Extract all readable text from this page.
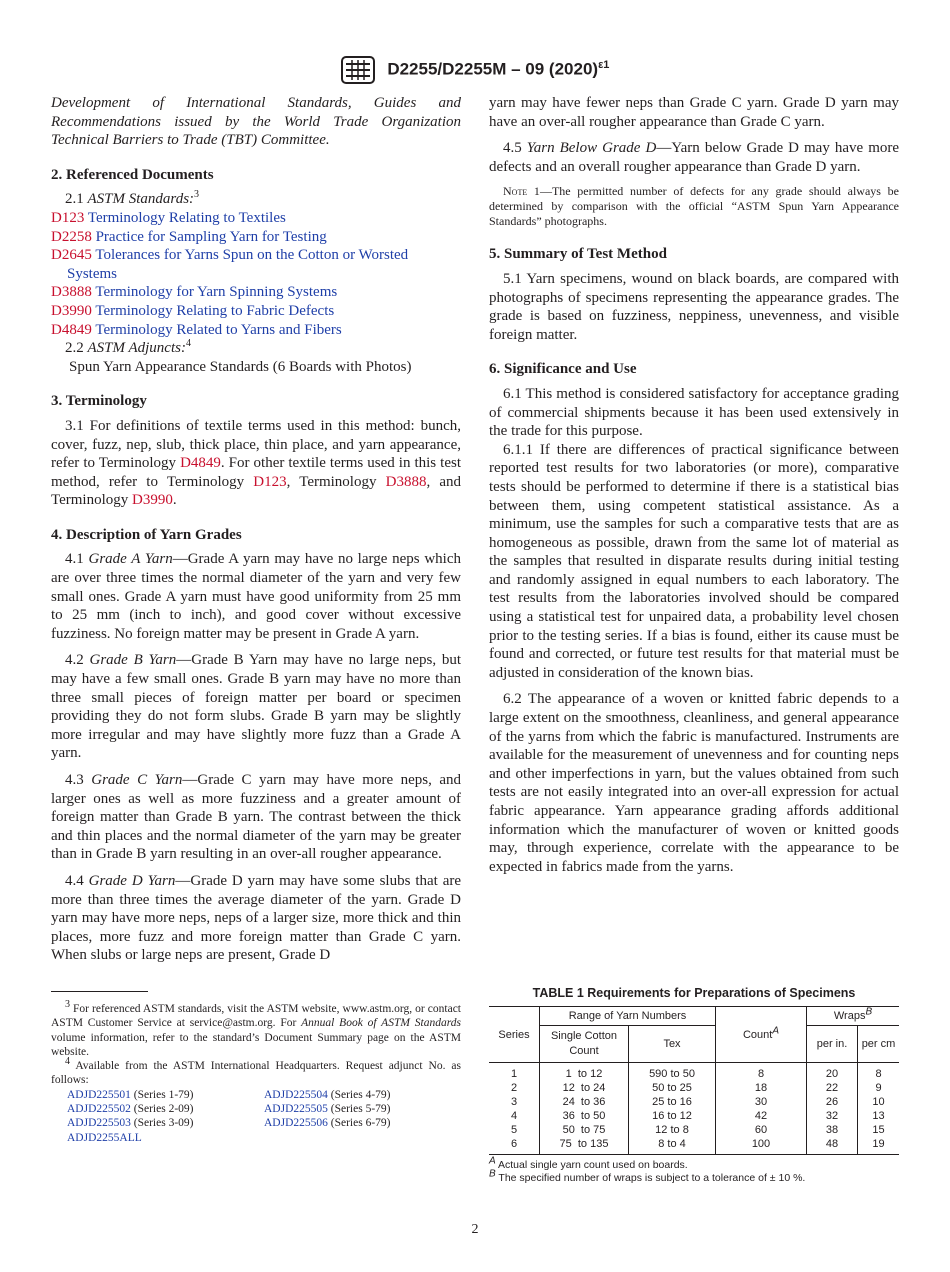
D2255/D2255M – 09 $(2020)^{\varepsilon 1}$

Development of International Standards, Guides and Recommendations issued by the World Trade Organization Technical Barriers to Trade (TBT) Committee.

2. Referenced Documents

2.1 ASTM Standards:$^3$

D123 Terminology Relating to Textiles
D2258 Practice for Sampling Yarn for Testing
D2645 Tolerances for Yarns Spun on the Cotton or Worsted Systems
D3888 Terminology for Yarn Spinning Systems
D3990 Terminology Relating to Fabric Defects
D4849 Terminology Related to Yarns and Fibers

2.2 ASTM Adjuncts:$^4$

Spun Yarn Appearance Standards (6 Boards with Photos)

3. Terminology

3.1 For definitions of textile terms used in this method: bunch, cover, fuzz, nep, slub, thick place, thin place, and yarn appearance, refer to Terminology D4849. For other textile terms used in this test method, refer to Terminology D123, Terminology D3888, and Terminology D3990.

4. Description of Yarn Grades

4.1 Grade A Yarn—Grade A yarn may have no large neps which are over three times the normal diameter of the yarn and very few small ones. Grade A yarn must have good uniformity from 25 mm to 25 mm (inch to inch), and good cover without excessive fuzziness. No foreign matter may be present in Grade A yarn.

4.2 Grade B Yarn—Grade B Yarn may have no large neps, but may have a few small ones. Grade B yarn may have no more than three small pieces of foreign matter per board or specimen providing they do not form slubs. Grade B yarn may be slightly more irregular and may have slightly more fuzz than a Grade A yarn.

4.3 Grade C Yarn—Grade C yarn may have more neps, and larger ones as well as more fuzziness and a greater amount of foreign matter than Grade B yarn. The contrast between the thick and thin places and the normal diameter of the yarn may be greater than in Grade B yarn resulting in an over-all rougher appearance.

4.4 Grade D Yarn—Grade D yarn may have some slubs that are more than three times the average diameter of the yarn. Grade D yarn may have more neps, neps of a larger size, more thick and thin places, more fuzz and more foreign matter than Grade C yarn. When slubs or large neps are present, Grade D

3 For referenced ASTM standards, visit the ASTM website, www.astm.org, or contact ASTM Customer Service at service@astm.org. For Annual Book of ASTM Standards volume information, refer to the standard’s Document Summary page on the ASTM website.

4 Available from the ASTM International Headquarters. Request adjunct No. as follows:

ADJD225501 (Series 1-79)	ADJD225504 (Series 4-79)
ADJD225502 (Series 2-09)	ADJD225505 (Series 5-79)
ADJD225503 (Series 3-09)	ADJD225506 (Series 6-79)
ADJD2255ALL

yarn may have fewer neps than Grade C yarn. Grade D yarn may have an over-all rougher appearance than Grade C yarn.

4.5 Yarn Below Grade D—Yarn below Grade D may have more defects and an overall rougher appearance than Grade D yarn.

Note 1—The permitted number of defects for any grade should always be determined by comparison with the official “ASTM Spun Yarn Appearance Standards” photographs.

5. Summary of Test Method

5.1 Yarn specimens, wound on black boards, are compared with photographs of specimens representing the appearance grades. The grade is based on fuzziness, neppiness, unevenness, and visible foreign matter.

6. Significance and Use

6.1 This method is considered satisfactory for acceptance grading of commercial shipments because it has been used extensively in the trade for this purpose.

6.1.1 If there are differences of practical significance between reported test results for two laboratories (or more), comparative tests should be performed to determine if there is a statistical bias between them, using competent statistical assistance. As a minimum, use the samples for such a comparative tests that are as homogeneous as possible, drawn from the same lot of material as the samples that resulted in disparate results during initial testing and randomly assigned in equal numbers to each laboratory. The test results from the laboratories involved should be compared using a statistical test for unpaired data, a probability level chosen prior to the testing series. If a bias is found, either its cause must be found and corrected, or future test results for that material must be adjusted in consideration of the known bias.

6.2 The appearance of a woven or knitted fabric depends to a large extent on the smoothness, cleanliness, and general appearance of the yarns from which the fabric is manufactured. Instruments are available for the measurement of unevenness and for counting neps and other imperfections in yarn, but the values obtained from such tests are not easily integrated into an over-all expression for actual fabric appearance. Yarn appearance grading affords additional information which the manufacturer of woven or knitted goods may, through experience, correlate with the appearance to be expected in fabrics made from the yarns.

TABLE 1 Requirements for Preparations of Specimens
Series	Range of Yarn Numbers		CountA	WrapsB	
	Single Cotton Count	Tex		per in.	per cm
1	1  to 12	590 to 50	8	20	8
2	12  to 24	50 to 25	18	22	9
3	24  to 36	25 to 16	30	26	10
4	36  to 50	16 to 12	42	32	13
5	50  to 75	12 to 8	60	38	15
6	75  to 135	8 to 4	100	48	19
A Actual single yarn count used on boards.
B The specified number of wraps is subject to a tolerance of ± 10 %.
2
